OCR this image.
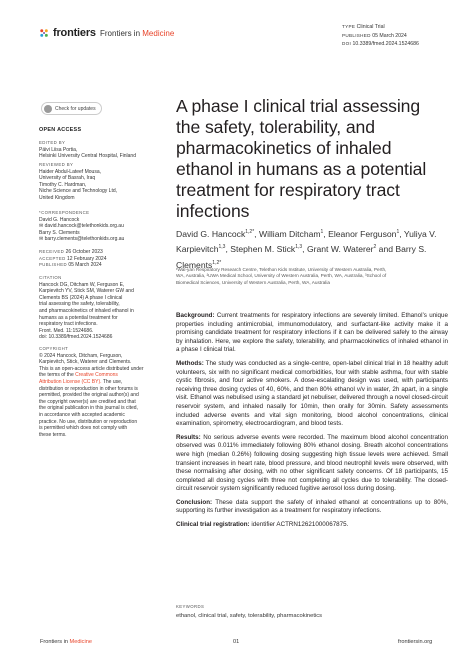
frontiers Frontiers in Medicine
TYPE Clinical Trial
PUBLISHED 05 March 2024
DOI 10.3389/fmed.2024.1524686
Check for updates
OPEN ACCESS
EDITED BY
Päivi Liisa Portia,
Helsinki University Central Hospital, Finland
REVIEWED BY
Haider Abdul-Lateef Mousa,
University of Basrah, Iraq
Timothy C. Hardman,
Niche Science and Technology Ltd,
United Kingdom
*CORRESPONDENCE
David G. Hancock
✉ david.hancock@telethonkids.org.au
Barry S. Clements
✉ barry.clements@telethonkids.org.au
RECEIVED 26 October 2023
ACCEPTED 12 February 2024
PUBLISHED 05 March 2024
CITATION
Hancock DG, Ditcham W, Ferguson E,
Karpievitch YV, Stick SM, Waterer GW and
Clements BS (2024) A phase I clinical
trial assessing the safety, tolerability,
and pharmacokinetics of inhaled ethanol in
humans as a potential treatment for
respiratory tract infections.
Front. Med. 11:1524686.
doi: 10.3389/fmed.2024.1524686
COPYRIGHT
© 2024 Hancock, Ditcham, Ferguson,
Karpievitch, Stick, Waterer and Clements.
This is an open-access article distributed under
the terms of the Creative Commons
Attribution License (CC BY). The use,
distribution or reproduction in other forums is
permitted, provided the original author(s) and
the copyright owner(s) are credited and that
the original publication in this journal is cited,
in accordance with accepted academic
practice. No use, distribution or reproduction
is permitted which does not comply with
these terms.
A phase I clinical trial assessing
the safety, tolerability, and
pharmacokinetics of inhaled
ethanol in humans as a potential
treatment for respiratory tract
infections
David G. Hancock$^{1,2*}$, William Ditcham$^1$, Eleanor Ferguson$^1$, Yuliya V. Karpievitch$^{1,3}$, Stephen M. Stick$^{1,3}$, Grant W. Waterer$^2$ and Barry S. Clements$^{1,2*}$
¹Wal-yan Respiratory Research Centre, Telethon Kids Institute, University of Western Australia, Perth,
WA, Australia, ²UWA Medical School, University of Western Australia, Perth, WA, Australia, ³School of
Biomedical Sciences, University of Western Australia, Perth, WA, Australia

Background: Current treatments for respiratory infections are severely limited. Ethanol’s unique properties including antimicrobial, immunomodulatory, and surfactant-like activity make it a promising candidate treatment for respiratory infections if it can be delivered safely to the airway by inhalation. Here, we explore the safety, tolerability, and pharmacokinetics of inhaled ethanol in a phase I clinical trial.

Methods: The study was conducted as a single-centre, open-label clinical trial in 18 healthy adult volunteers, six with no significant medical comorbidities, four with stable asthma, four with stable cystic fibrosis, and four active smokers. A dose-escalating design was used, with participants receiving three dosing cycles of 40, 60%, and then 80% ethanol v/v in water, 2h apart, in a single visit. Ethanol was nebulised using a standard jet nebuliser, delivered through a novel closed-circuit reservoir system, and inhaled nasally for 10min, then orally for 30min. Safety assessments included adverse events and vital sign monitoring, blood alcohol concentrations, clinical examination, spirometry, electrocardiogram, and blood tests.

Results: No serious adverse events were recorded. The maximum blood alcohol concentration observed was 0.011% immediately following 80% ethanol dosing. Breath alcohol concentrations were high (median 0.26%) following dosing suggesting high tissue levels were achieved. Small transient increases in heart rate, blood pressure, and blood neutrophil levels were observed, with these normalising after dosing, with no other significant safety concerns. Of 18 participants, 15 completed all dosing cycles with three not completing all cycles due to tolerability. The closed-circuit reservoir system significantly reduced fugitive aerosol loss during dosing.

Conclusion: These data support the safety of inhaled ethanol at concentrations up to 80%, supporting its further investigation as a treatment for respiratory infections.

Clinical trial registration: identifier ACTRN12621000067875.

KEYWORDS
ethanol, clinical trial, safety, tolerability, pharmacokinetics
Frontiers in Medicine	01	frontiersin.org
